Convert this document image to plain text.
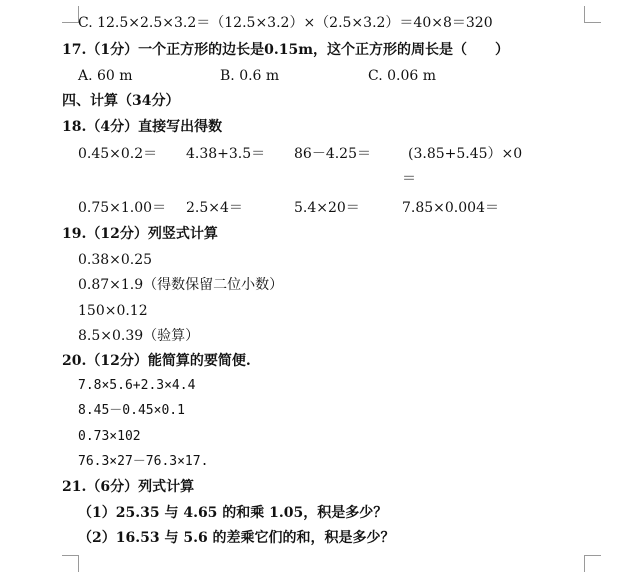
C. 12.5×2.5×3.2＝（12.5×3.2）×（2.5×3.2）＝40×8＝320
17.（1分）一个正方形的边长是0.15m，这个正方形的周长是（　　）
A. 60 m	B. 0.6 m	C. 0.06 m
四、计算（34分）
18.（4分）直接写出得数
0.45×0.2＝ 4.38+3.5＝ 86－4.25＝	(3.85+5.45）×0
＝
0.75×1.00＝ 2.5×4＝	5.4×20＝	7.85×0.004＝
19.（12分）列竖式计算
0.38×0.25
0.87×1.9（得数保留二位小数）
150×0.12
8.5×0.39（验算）
20.（12分）能简算的要简便.
7.8×5.6+2.3×4.4
8.45－0.45×0.1
0.73×102
76.3×27－76.3×17.
21.（6分）列式计算
（1）25.35 与 4.65 的和乘 1.05，积是多少？
（2）16.53 与 5.6 的差乘它们的和，积是多少？
